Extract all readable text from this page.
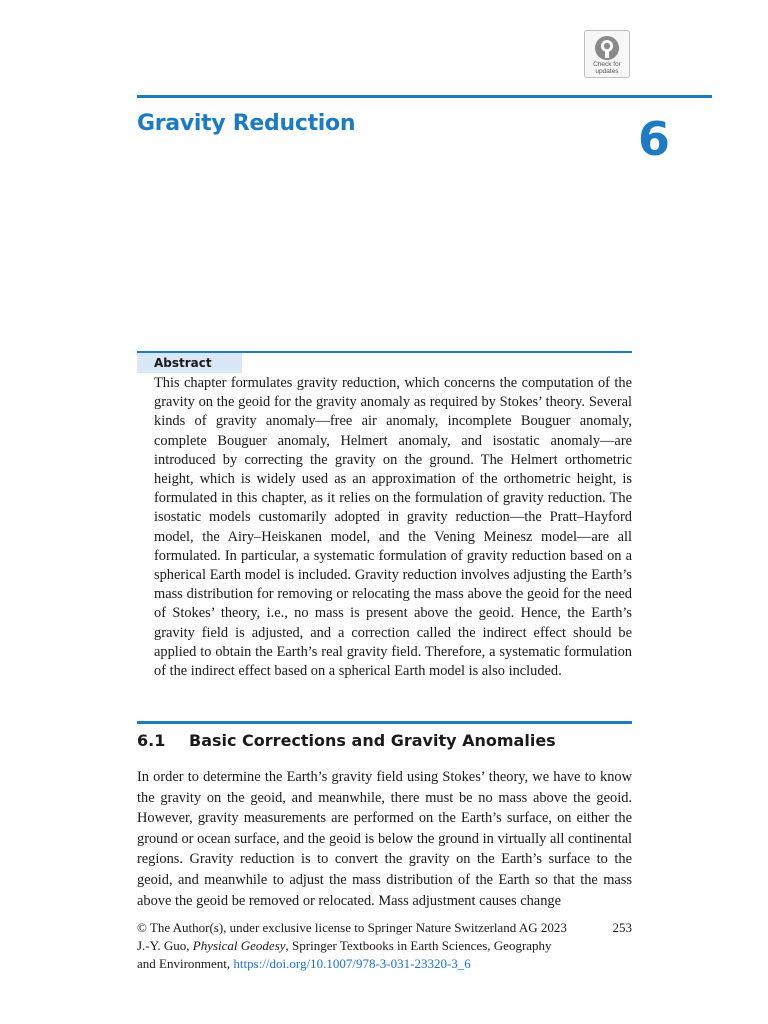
Check for
updates
Gravity Reduction	6
Abstract

This chapter formulates gravity reduction, which concerns the computation of the gravity on the geoid for the gravity anomaly as required by Stokes’ theory. Several kinds of gravity anomaly—free air anomaly, incomplete Bouguer anomaly, complete Bouguer anomaly, Helmert anomaly, and isostatic anomaly—are introduced by correcting the gravity on the ground. The Helmert orthometric height, which is widely used as an approximation of the orthometric height, is formulated in this chapter, as it relies on the formulation of gravity reduction. The isostatic models customarily adopted in gravity reduction—the Pratt–Hayford model, the Airy–Heiskanen model, and the Vening Meinesz model—are all formulated. In particular, a systematic formulation of gravity reduction based on a spherical Earth model is included. Gravity reduction involves adjusting the Earth’s mass distribution for removing or relocating the mass above the geoid for the need of Stokes’ theory, i.e., no mass is present above the geoid. Hence, the Earth’s gravity field is adjusted, and a correction called the indirect effect should be applied to obtain the Earth’s real gravity field. Therefore, a systematic formulation of the indirect effect based on a spherical Earth model is also included.

6.1 Basic Corrections and Gravity Anomalies

In order to determine the Earth’s gravity field using Stokes’ theory, we have to know the gravity on the geoid, and meanwhile, there must be no mass above the geoid. However, gravity measurements are performed on the Earth’s surface, on either the ground or ocean surface, and the geoid is below the ground in virtually all continental regions. Gravity reduction is to convert the gravity on the Earth’s surface to the geoid, and meanwhile to adjust the mass distribution of the Earth so that the mass above the geoid be removed or relocated. Mass adjustment causes change

© The Author(s), under exclusive license to Springer Nature Switzerland AG 2023	253
J.-Y. Guo, Physical Geodesy, Springer Textbooks in Earth Sciences, Geography
and Environment, https://doi.org/10.1007/978-3-031-23320-3_6
